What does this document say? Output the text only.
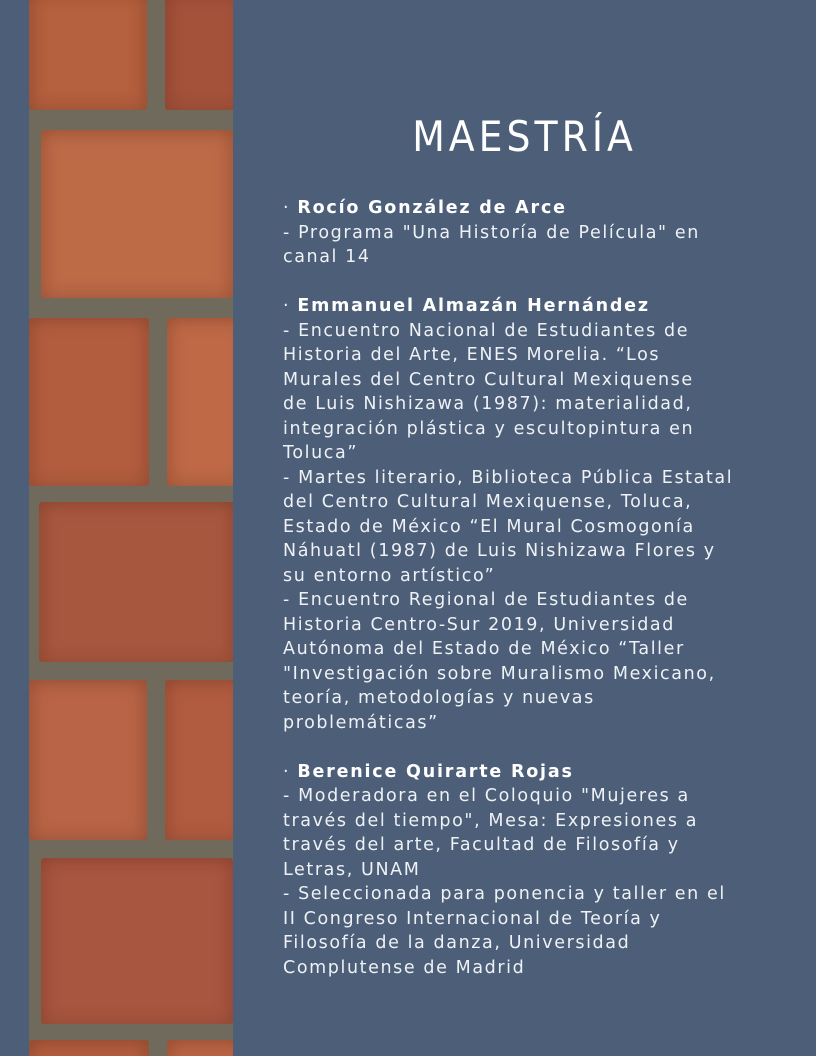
MAESTRÍA
· Rocío González de Arce
- Programa "Una Historía de Película" en
canal 14
· Emmanuel Almazán Hernández
- Encuentro Nacional de Estudiantes de
Historia del Arte, ENES Morelia. “Los
Murales del Centro Cultural Mexiquense
de Luis Nishizawa (1987): materialidad,
integración plástica y escultopintura en
Toluca”
- Martes literario, Biblioteca Pública Estatal
del Centro Cultural Mexiquense, Toluca,
Estado de México “El Mural Cosmogonía
Náhuatl (1987) de Luis Nishizawa Flores y
su entorno artístico”
- Encuentro Regional de Estudiantes de
Historia Centro-Sur 2019, Universidad
Autónoma del Estado de México “Taller
"Investigación sobre Muralismo Mexicano,
teoría, metodologías y nuevas
problemáticas”
· Berenice Quirarte Rojas
- Moderadora en el Coloquio "Mujeres a
través del tiempo", Mesa: Expresiones a
través del arte, Facultad de Filosofía y
Letras, UNAM
- Seleccionada para ponencia y taller en el
II Congreso Internacional de Teoría y
Filosofía de la danza, Universidad
Complutense de Madrid
